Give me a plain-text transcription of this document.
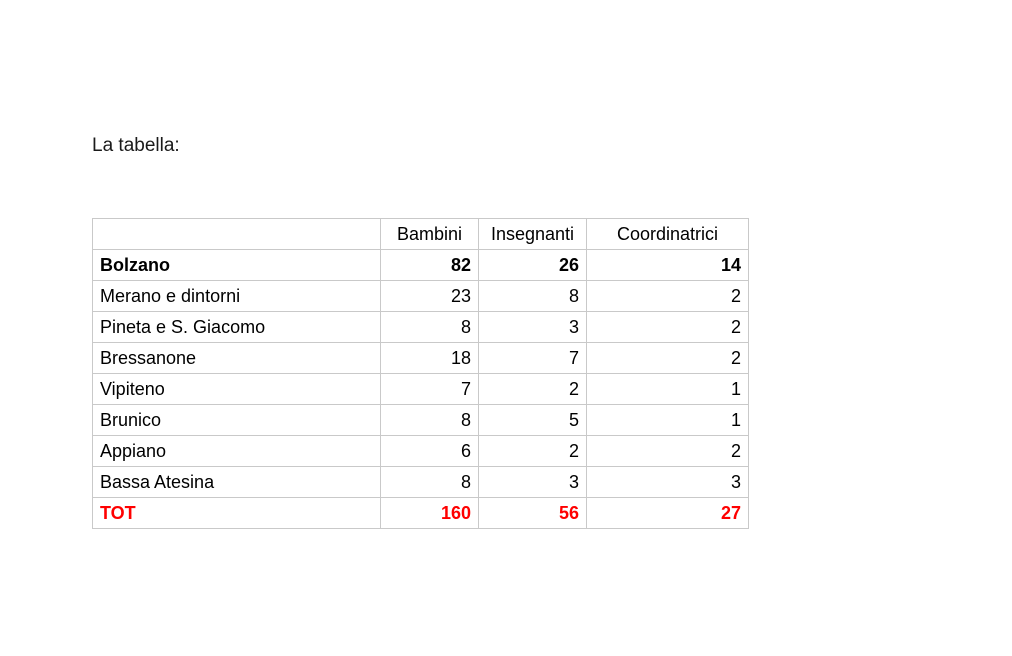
La tabella:
	Bambini	Insegnanti	Coordinatrici
Bolzano	82	26	14
Merano e dintorni	23	8	2
Pineta e S. Giacomo	8	3	2
Bressanone	18	7	2
Vipiteno	7	2	1
Brunico	8	5	1
Appiano	6	2	2
Bassa Atesina	8	3	3
TOT	160	56	27
